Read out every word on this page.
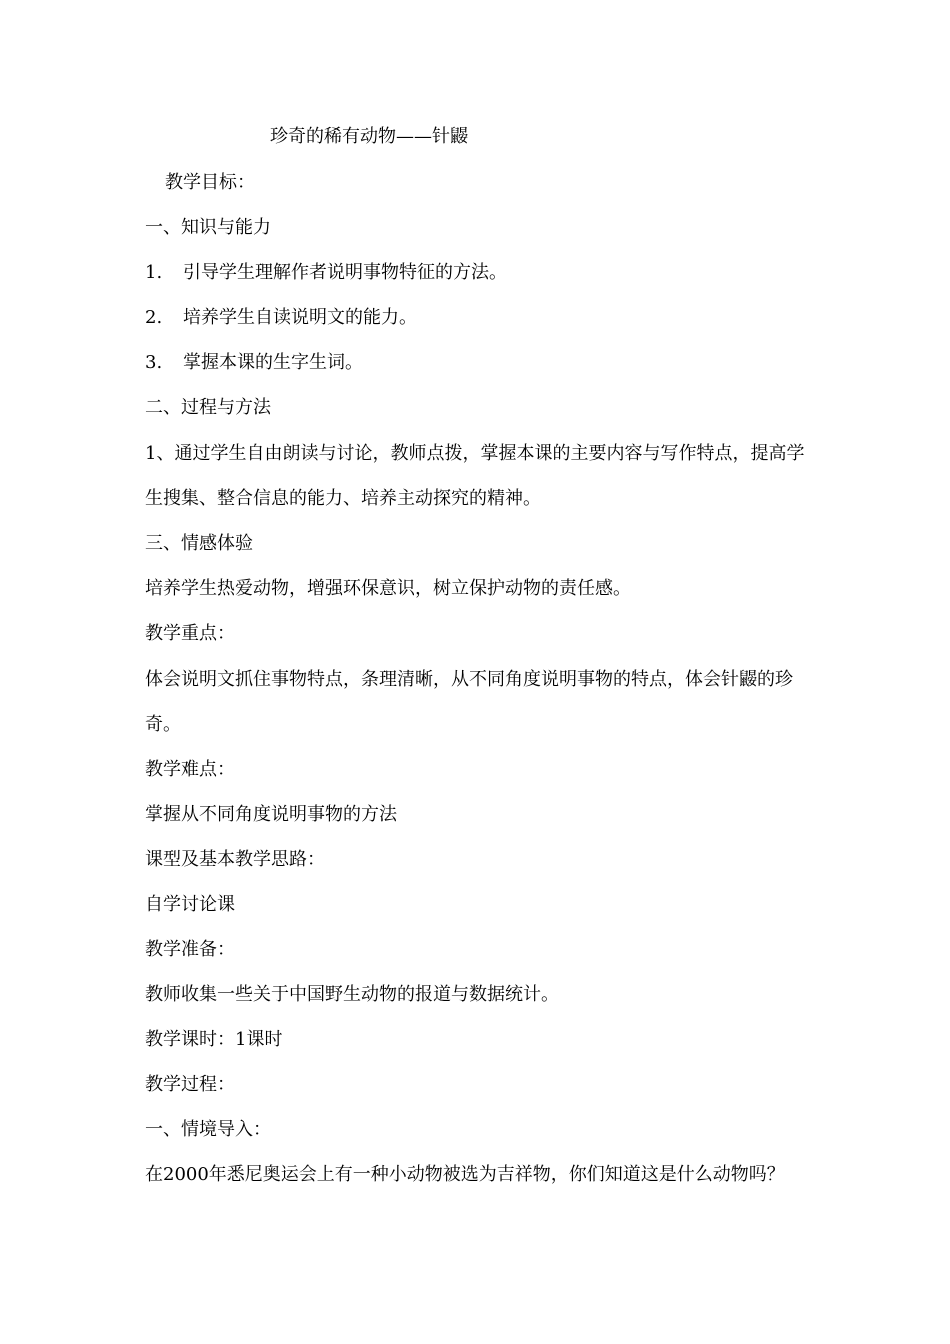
珍奇的稀有动物——针鼹
教学目标：
一、知识与能力
1. 引导学生理解作者说明事物特征的方法。
2. 培养学生自读说明文的能力。
3. 掌握本课的生字生词。
二、过程与方法
1、通过学生自由朗读与讨论，教师点拨，掌握本课的主要内容与写作特点，提高学生搜集、整合信息的能力、培养主动探究的精神。
三、情感体验
培养学生热爱动物，增强环保意识，树立保护动物的责任感。
教学重点：
体会说明文抓住事物特点，条理清晰，从不同角度说明事物的特点，体会针鼹的珍奇。
教学难点：
掌握从不同角度说明事物的方法
课型及基本教学思路：
自学讨论课
教学准备：
教师收集一些关于中国野生动物的报道与数据统计。
教学课时：1课时
教学过程：
一、情境导入：
在2000年悉尼奥运会上有一种小动物被选为吉祥物，你们知道这是什么动物吗？
